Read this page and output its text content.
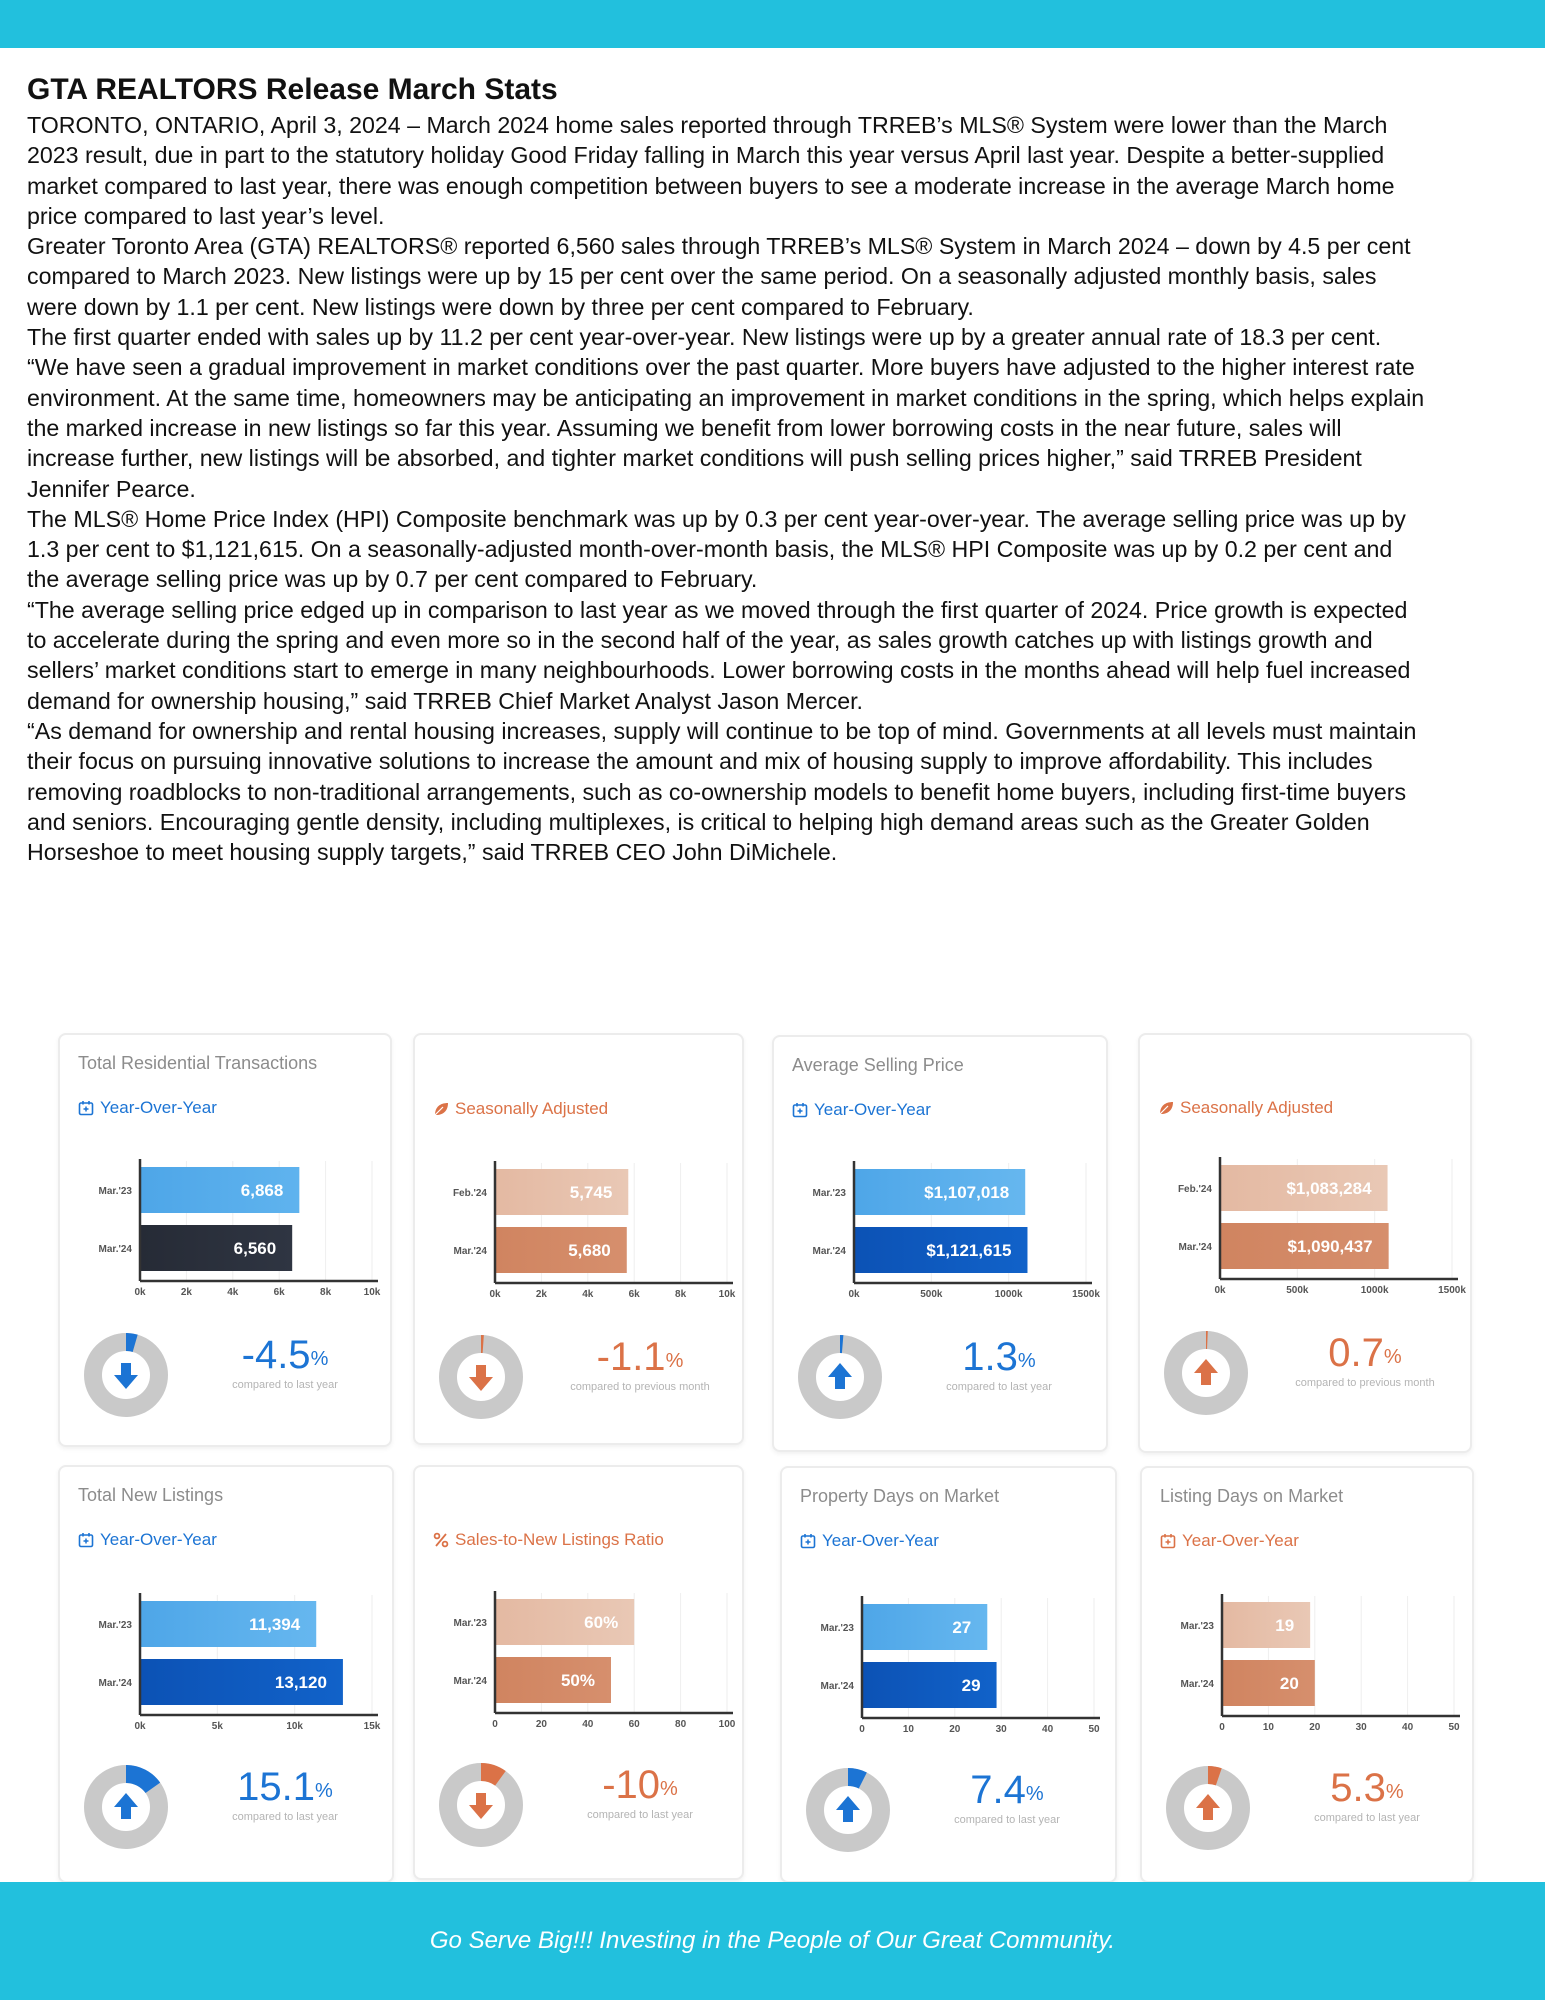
GTA REALTORS Release March Stats
TORONTO, ONTARIO, April 3, 2024 – March 2024 home sales reported through TRREB’s MLS® System were lower than the March 2023 result, due in part to the statutory holiday Good Friday falling in March this year versus April last year. Despite a better-supplied market compared to last year, there was enough competition between buyers to see a moderate increase in the average March home price compared to last year’s level.
Greater Toronto Area (GTA) REALTORS® reported 6,560 sales through TRREB’s MLS® System in March 2024 – down by 4.5 per cent compared to March 2023. New listings were up by 15 per cent over the same period. On a seasonally adjusted monthly basis, sales were down by 1.1 per cent. New listings were down by three per cent compared to February.
The first quarter ended with sales up by 11.2 per cent year-over-year. New listings were up by a greater annual rate of 18.3 per cent.
“We have seen a gradual improvement in market conditions over the past quarter. More buyers have adjusted to the higher interest rate environment. At the same time, homeowners may be anticipating an improvement in market conditions in the spring, which helps explain the marked increase in new listings so far this year. Assuming we benefit from lower borrowing costs in the near future, sales will increase further, new listings will be absorbed, and tighter market conditions will push selling prices higher,” said TRREB President Jennifer Pearce.
The MLS® Home Price Index (HPI) Composite benchmark was up by 0.3 per cent year-over-year. The average selling price was up by 1.3 per cent to $1,121,615. On a seasonally-adjusted month-over-month basis, the MLS® HPI Composite was up by 0.2 per cent and the average selling price was up by 0.7 per cent compared to February.
“The average selling price edged up in comparison to last year as we moved through the first quarter of 2024. Price growth is expected to accelerate during the spring and even more so in the second half of the year, as sales growth catches up with listings growth and sellers’ market conditions start to emerge in many neighbourhoods. Lower borrowing costs in the months ahead will help fuel increased demand for ownership housing,” said TRREB Chief Market Analyst Jason Mercer.
“As demand for ownership and rental housing increases, supply will continue to be top of mind. Governments at all levels must maintain their focus on pursuing innovative solutions to increase the amount and mix of housing supply to improve affordability. This includes removing roadblocks to non-traditional arrangements, such as co-ownership models to benefit home buyers, including first-time buyers and seniors. Encouraging gentle density, including multiplexes, is critical to helping high demand areas such as the Greater Golden Horseshoe to meet housing supply targets,” said TRREB CEO John DiMichele.
Total Residential Transactions
Year-Over-Year
6,868
Mar.'23
6,560
Mar.'24
0k	2k	4k	6k	8k	10k
-4.5%
compared to last year
Seasonally Adjusted
5,745
Feb.'24
5,680
Mar.'24
0k	2k	4k	6k	8k	10k
-1.1%
compared to previous month
Average Selling Price
Year-Over-Year
$1,107,018
Mar.'23
$1,121,615
Mar.'24
0k	500k	1000k	1500k
1.3%
compared to last year
Seasonally Adjusted
$1,083,284
Feb.'24
$1,090,437
Mar.'24
0k	500k	1000k	1500k
0.7%
compared to previous month
Total New Listings
Year-Over-Year
11,394
Mar.'23
13,120
Mar.'24
0k	5k	10k	15k
15.1%
compared to last year
Sales-to-New Listings Ratio
60%
Mar.'23
50%
Mar.'24
0	20	40	60	80	100
-10%
compared to last year
Property Days on Market
Year-Over-Year
27
Mar.'23
29
Mar.'24
0	10	20	30	40	50
7.4%
compared to last year
Listing Days on Market
Year-Over-Year
19
Mar.'23
20
Mar.'24
0	10	20	30	40	50
5.3%
compared to last year
Go Serve Big!!! Investing in the People of Our Great Community.
